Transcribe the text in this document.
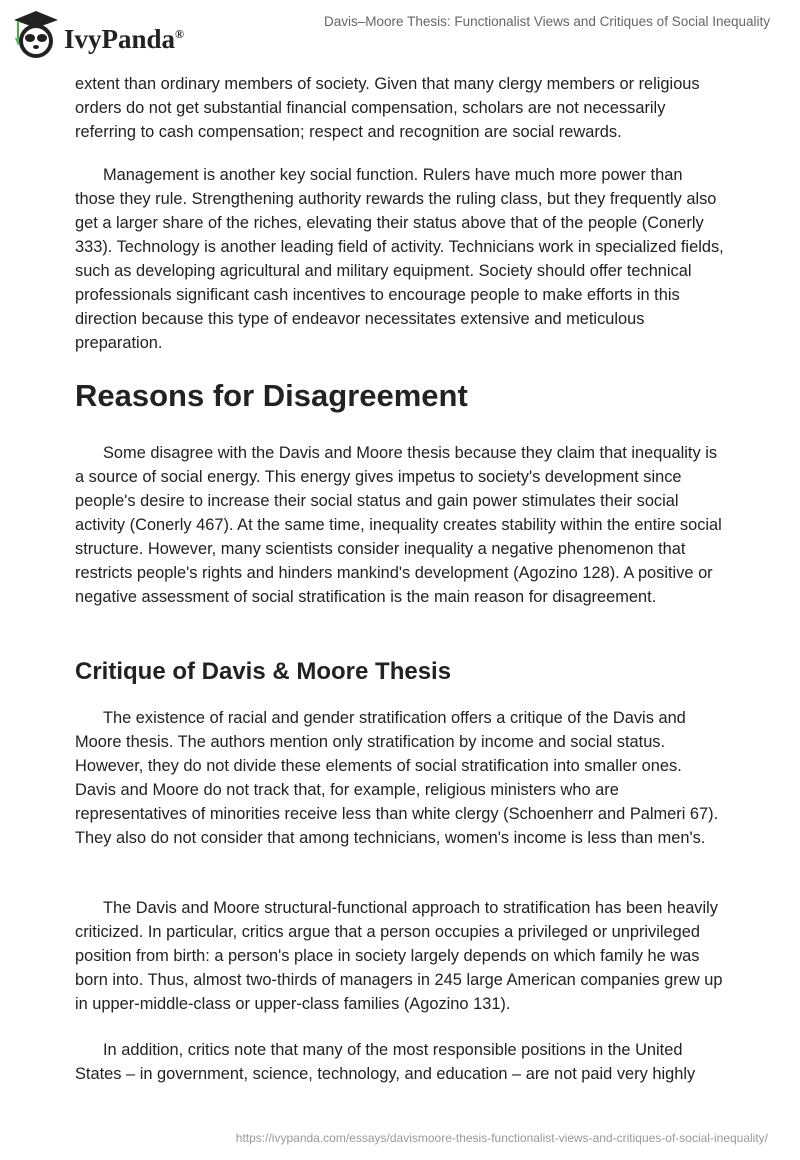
IvyPanda®
Davis–Moore Thesis: Functionalist Views and Critiques of Social Inequality

extent than ordinary members of society. Given that many clergy members or religious orders do not get substantial financial compensation, scholars are not necessarily referring to cash compensation; respect and recognition are social rewards.

Management is another key social function. Rulers have much more power than those they rule. Strengthening authority rewards the ruling class, but they frequently also get a larger share of the riches, elevating their status above that of the people (Conerly 333). Technology is another leading field of activity. Technicians work in specialized fields, such as developing agricultural and military equipment. Society should offer technical professionals significant cash incentives to encourage people to make efforts in this direction because this type of endeavor necessitates extensive and meticulous preparation.

Reasons for Disagreement

Some disagree with the Davis and Moore thesis because they claim that inequality is a source of social energy. This energy gives impetus to society's development since people's desire to increase their social status and gain power stimulates their social activity (Conerly 467). At the same time, inequality creates stability within the entire social structure. However, many scientists consider inequality a negative phenomenon that restricts people's rights and hinders mankind's development (Agozino 128). A positive or negative assessment of social stratification is the main reason for disagreement.

Critique of Davis & Moore Thesis

The existence of racial and gender stratification offers a critique of the Davis and Moore thesis. The authors mention only stratification by income and social status. However, they do not divide these elements of social stratification into smaller ones. Davis and Moore do not track that, for example, religious ministers who are representatives of minorities receive less than white clergy (Schoenherr and Palmeri 67). They also do not consider that among technicians, women's income is less than men's.

The Davis and Moore structural-functional approach to stratification has been heavily criticized. In particular, critics argue that a person occupies a privileged or unprivileged position from birth: a person's place in society largely depends on which family he was born into. Thus, almost two-thirds of managers in 245 large American companies grew up in upper-middle-class or upper-class families (Agozino 131).

In addition, critics note that many of the most responsible positions in the United States – in government, science, technology, and education – are not paid very highly

https://ivypanda.com/essays/davismoore-thesis-functionalist-views-and-critiques-of-social-inequality/
